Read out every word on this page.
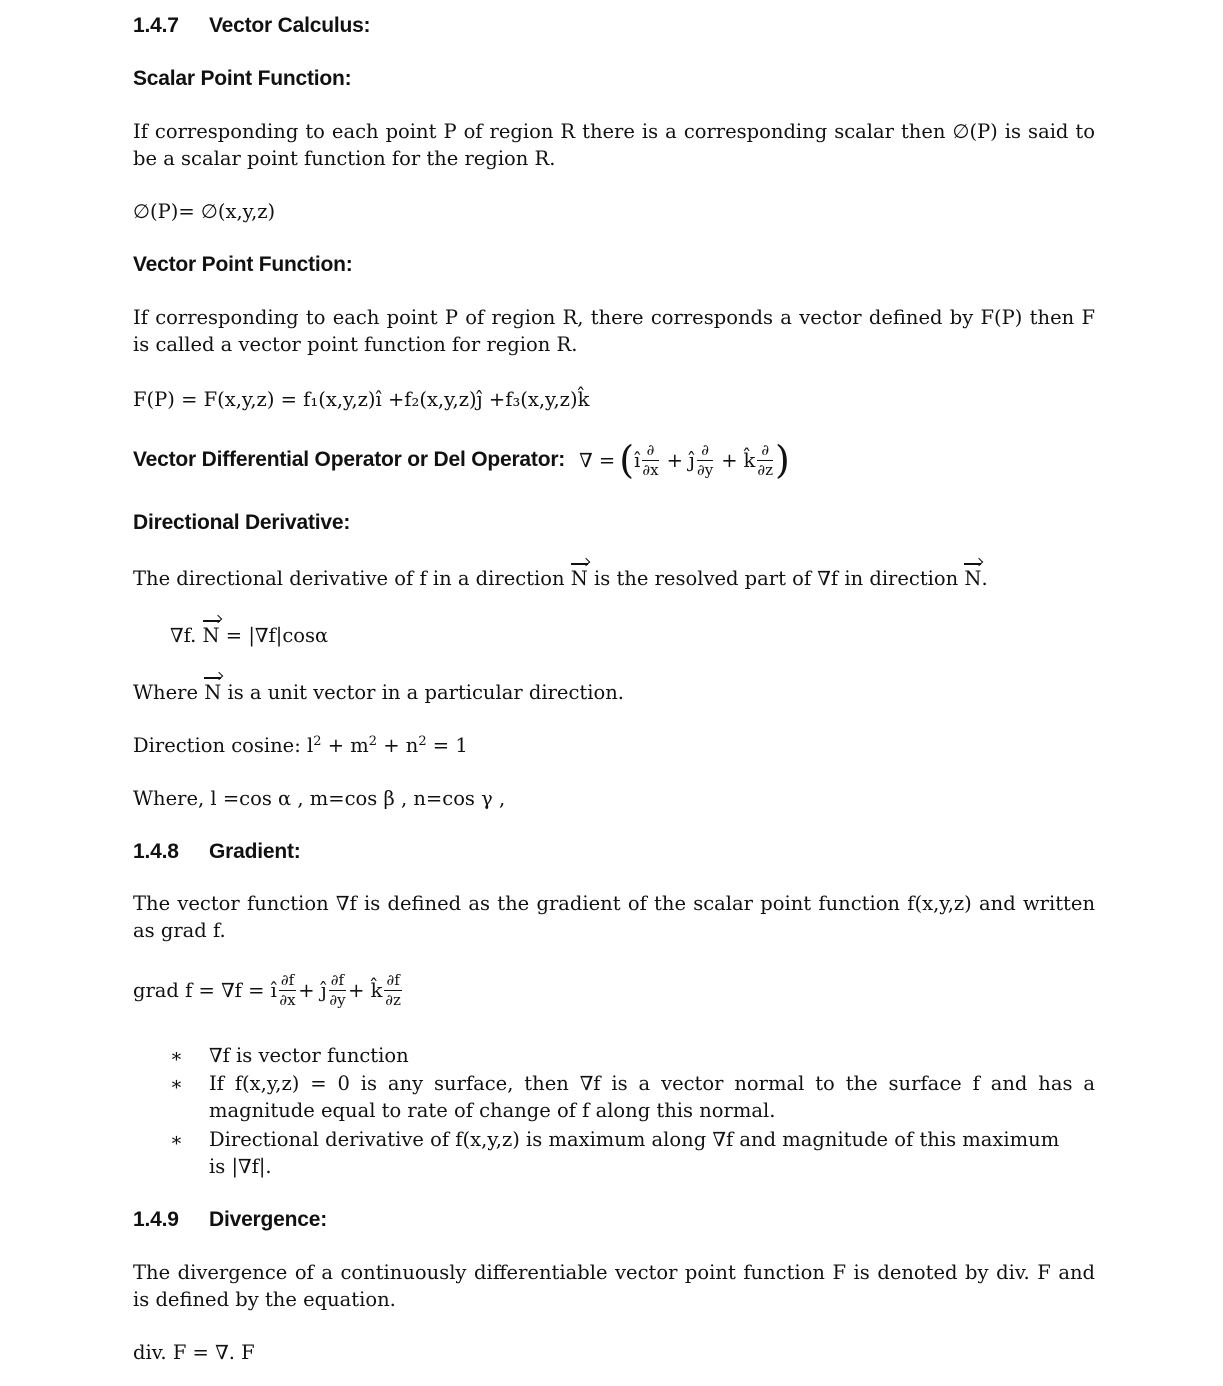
1.4.7 Vector Calculus:
Scalar Point Function:
If corresponding to each point P of region R there is a corresponding scalar then ∅(P) is said to be a scalar point function for the region R.
∅(P)= ∅(x,y,z)
Vector Point Function:
If corresponding to each point P of region R, there corresponds a vector defined by F(P) then F is called a vector point function for region R.
F(P) = F(x,y,z) = f₁(x,y,z)î +f₂(x,y,z)ĵ +f₃(x,y,z)k̂
Vector Differential Operator or Del Operator: ∇ = ( î $\frac{\partial}{\partial x}$ + ĵ $\frac{\partial}{\partial y}$ + k̂ $\frac{\partial}{\partial z}$ )
Directional Derivative:
The directional derivative of f in a direction N is the resolved part of ∇f in direction N.
∇f. N = |∇f|cosα
Where N is a unit vector in a particular direction.
Direction cosine: $l^2 + m^2 + n^2 = 1$
Where, l =cos α , m=cos β , n=cos γ ,
1.4.8 Gradient:
The vector function ∇f is defined as the gradient of the scalar point function f(x,y,z) and written as grad f.
grad f = ∇f = î $\frac{\partial f}{\partial x}$ + ĵ $\frac{\partial f}{\partial y}$ + k̂ $\frac{\partial f}{\partial z}$
∗ ∇f is vector function
∗ If f(x,y,z) = 0 is any surface, then ∇f is a vector normal to the surface f and has a magnitude equal to rate of change of f along this normal.
∗ Directional derivative of f(x,y,z) is maximum along ∇f and magnitude of this maximum is |∇f|.
1.4.9 Divergence:
The divergence of a continuously differentiable vector point function F is denoted by div. F and is defined by the equation.
div. F = ∇. F
